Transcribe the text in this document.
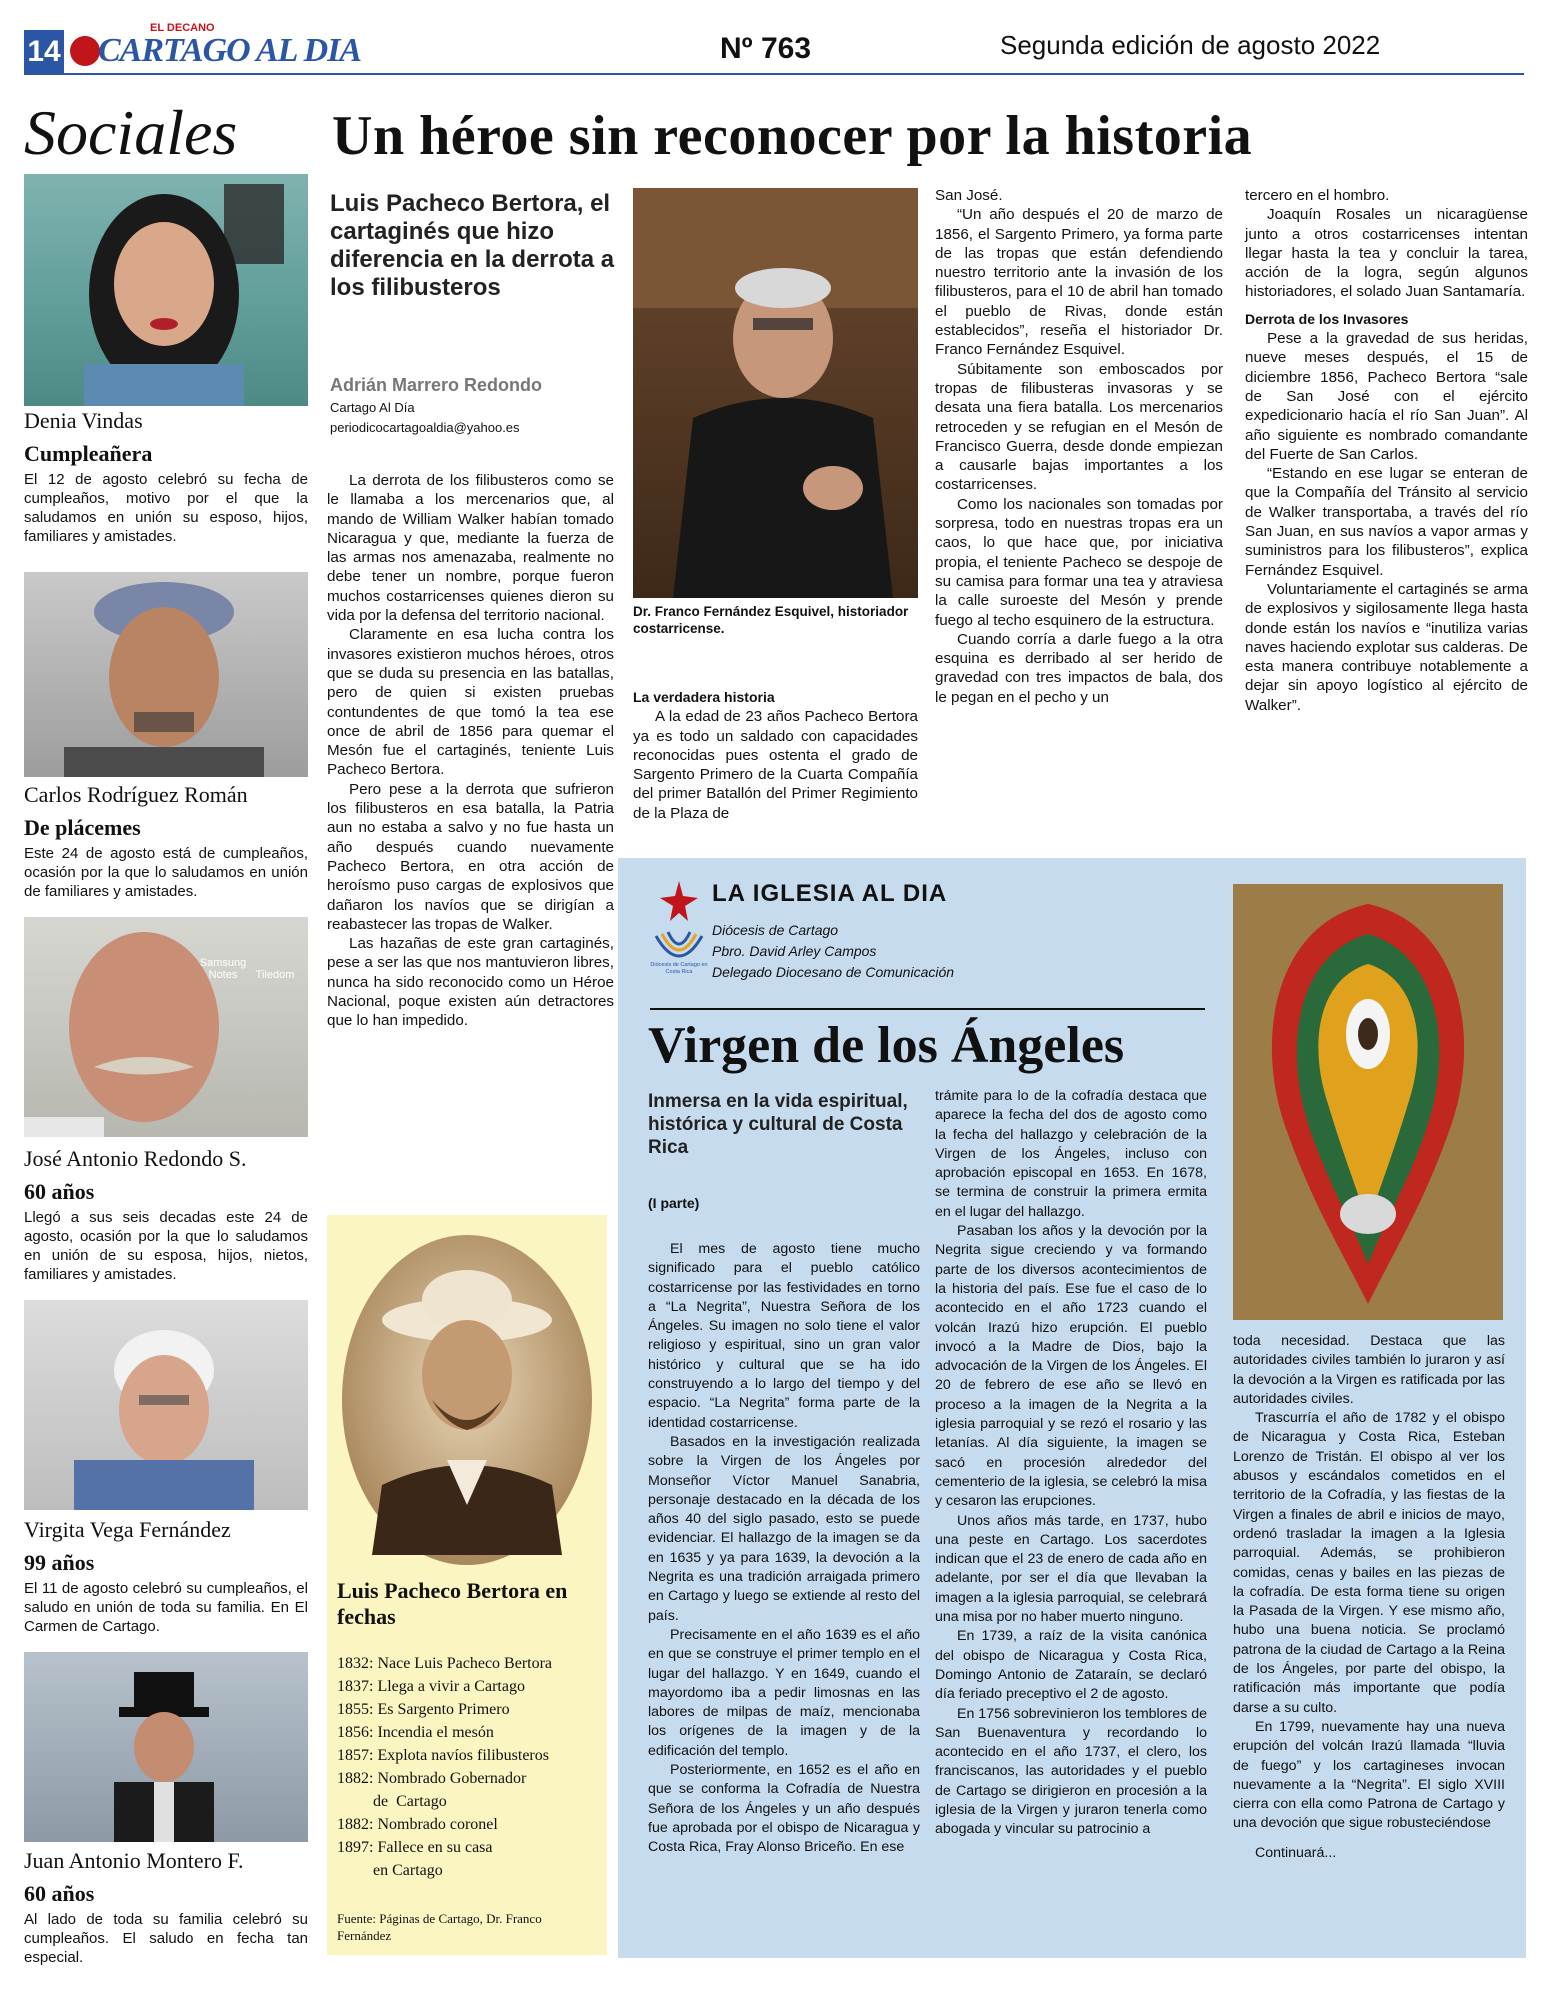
14
EL DECANO
CARTAGO AL DIA	Nº 763	Segunda edición de agosto 2022
Sociales
Denia Vindas
Cumpleañera
El 12 de agosto celebró su fecha de cumpleaños, motivo por el que la saludamos en unión su esposo, hijos, familiares y amistades.
Carlos Rodríguez Román
De plácemes
Este 24 de agosto está de cumpleaños, ocasión por la que lo saludamos en unión de familiares y amistades.
Samsung Notes Tiledom
José Antonio Redondo S.
60 años
Llegó a sus seis decadas este 24 de agosto, ocasión por la que lo saludamos en unión de su esposa, hijos, nietos, familiares y amistades.
Virgita Vega Fernández
99 años
El 11 de agosto celebró su cumpleaños, el saludo en unión de toda su familia. En El Carmen de Cartago.
Juan Antonio Montero F.
60 años
Al lado de toda su familia celebró su cumpleaños. El saludo en fecha tan especial.
Un héroe sin reconocer por la historia
Luis Pacheco Bertora, el cartaginés que hizo diferencia en la derrota a los filibusteros
Adrián Marrero Redondo
Cartago Al Día
periodicocartagoaldia@yahoo.es

La derrota de los filibusteros como se le llamaba a los mercenarios que, al mando de William Walker habían tomado Nicaragua y que, mediante la fuerza de las armas nos amenazaba, realmente no debe tener un nombre, porque fueron muchos costarricenses quienes dieron su vida por la defensa del territorio nacional.

Claramente en esa lucha contra los invasores existieron muchos héroes, otros que se duda su presencia en las batallas, pero de quien si existen pruebas contundentes de que tomó la tea ese once de abril de 1856 para quemar el Mesón fue el cartaginés, teniente Luis Pacheco Bertora.

Pero pese a la derrota que sufrieron los filibusteros en esa batalla, la Patria aun no estaba a salvo y no fue hasta un año después cuando nuevamente Pacheco Bertora, en otra acción de heroísmo puso cargas de explosivos que dañaron los navíos que se dirigían a reabastecer las tropas de Walker.

Las hazañas de este gran cartaginés, pese a ser las que nos mantuvieron libres, nunca ha sido reconocido como un Héroe Nacional, poque existen aún detractores que lo han impedido.

Dr. Franco Fernández Esquivel, historiador costarricense.

La verdadera historia

A la edad de 23 años Pacheco Bertora ya es todo un saldado con capacidades reconocidas pues ostenta el grado de Sargento Primero de la Cuarta Compañía del primer Batallón del Primer Regimiento de la Plaza de

San José.

“Un año después el 20 de marzo de 1856, el Sargento Primero, ya forma parte de las tropas que están defendiendo nuestro territorio ante la invasión de los filibusteros, para el 10 de abril han tomado el pueblo de Rivas, donde están establecidos”, reseña el historiador Dr. Franco Fernández Esquivel.

Súbitamente son emboscados por tropas de filibusteras invasoras y se desata una fiera batalla. Los mercenarios retroceden y se refugian en el Mesón de Francisco Guerra, desde donde empiezan a causarle bajas importantes a los costarricenses.

Como los nacionales son tomadas por sorpresa, todo en nuestras tropas era un caos, lo que hace que, por iniciativa propia, el teniente Pacheco se despoje de su camisa para formar una tea y atraviesa la calle suroeste del Mesón y prende fuego al techo esquinero de la estructura.

Cuando corría a darle fuego a la otra esquina es derribado al ser herido de gravedad con tres impactos de bala, dos le pegan en el pecho y un

tercero en el hombro.

Joaquín Rosales un nicaragüense junto a otros costarricenses intentan llegar hasta la tea y concluir la tarea, acción de la logra, según algunos historiadores, el solado Juan Santamaría.

Derrota de los Invasores

Pese a la gravedad de sus heridas, nueve meses después, el 15 de diciembre 1856, Pacheco Bertora “sale de San José con el ejército expedicionario hacía el río San Juan”. Al año siguiente es nombrado comandante del Fuerte de San Carlos.

“Estando en ese lugar se enteran de que la Compañía del Tránsito al servicio de Walker transportaba, a través del río San Juan, en sus navíos a vapor armas y suministros para los filibusteros”, explica Fernández Esquivel.

Voluntariamente el cartaginés se arma de explosivos y sigilosamente llega hasta donde están los navíos e “inutiliza varias naves haciendo explotar sus calderas. De esta manera contribuye notablemente a dejar sin apoyo logístico al ejército de Walker”.

Luis Pacheco Bertora en fechas
1832: Nace Luis Pacheco Bertora
1837: Llega a vivir a Cartago
1855: Es Sargento Primero
1856: Incendia el mesón
1857: Explota navíos filibusteros
1882: Nombrado Gobernador
de  Cartago
1882: Nombrado coronel
1897: Fallece en su casa
en Cartago
Fuente: Páginas de Cartago, Dr. Franco Fernández
Diócesis de Cartago en Costa Rica
LA IGLESIA AL DIA
Diócesis de Cartago
Pbro. David Arley Campos
Delegado Diocesano de Comunicación
Virgen de los Ángeles
Inmersa en la vida espiritual, histórica y cultural de Costa Rica
(I parte)

El mes de agosto tiene mucho significado para el pueblo católico costarricense por las festividades en torno a “La Negrita”, Nuestra Señora de los Ángeles. Su imagen no solo tiene el valor religioso y espiritual, sino un gran valor histórico y cultural que se ha ido construyendo a lo largo del tiempo y del espacio. “La Negrita” forma parte de la identidad costarricense.

Basados en la investigación realizada sobre la Virgen de los Ángeles por Monseñor Víctor Manuel Sanabria, personaje destacado en la década de los años 40 del siglo pasado, esto se puede evidenciar. El hallazgo de la imagen se da en 1635 y ya para 1639, la devoción a la Negrita es una tradición arraigada primero en Cartago y luego se extiende al resto del país.

Precisamente en el año 1639 es el año en que se construye el primer templo en el lugar del hallazgo. Y en 1649, cuando el mayordomo iba a pedir limosnas en las labores de milpas de maíz, mencionaba los orígenes de la imagen y de la edificación del templo.

Posteriormente, en 1652 es el año en que se conforma la Cofradía de Nuestra Señora de los Ángeles y un año después fue aprobada por el obispo de Nicaragua y Costa Rica, Fray Alonso Briceño. En ese

trámite para lo de la cofradía destaca que aparece la fecha del dos de agosto como la fecha del hallazgo y celebración de la Virgen de los Ángeles, incluso con aprobación episcopal en 1653. En 1678, se termina de construir la primera ermita en el lugar del hallazgo.

Pasaban los años y la devoción por la Negrita sigue creciendo y va formando parte de los diversos acontecimientos de la historia del país. Ese fue el caso de lo acontecido en el año 1723 cuando el volcán Irazú hizo erupción. El pueblo invocó a la Madre de Dios, bajo la advocación de la Virgen de los Ángeles. El 20 de febrero de ese año se llevó en proceso a la imagen de la Negrita a la iglesia parroquial y se rezó el rosario y las letanías. Al día siguiente, la imagen se sacó en procesión alrededor del cementerio de la iglesia, se celebró la misa y cesaron las erupciones.

Unos años más tarde, en 1737, hubo una peste en Cartago. Los sacerdotes indican que el 23 de enero de cada año en adelante, por ser el día que llevaban la imagen a la iglesia parroquial, se celebrará una misa por no haber muerto ninguno.

En 1739, a raíz de la visita canónica del obispo de Nicaragua y Costa Rica, Domingo Antonio de Zataraín, se declaró día feriado preceptivo el 2 de agosto.

En 1756 sobrevinieron los temblores de San Buenaventura y recordando lo acontecido en el año 1737, el clero, los franciscanos, las autoridades y el pueblo de Cartago se dirigieron en procesión a la iglesia de la Virgen y juraron tenerla como abogada y vincular su patrocinio a

toda necesidad. Destaca que las autoridades civiles también lo juraron y así la devoción a la Virgen es ratificada por las autoridades civiles.

Trascurría el año de 1782 y el obispo de Nicaragua y Costa Rica, Esteban Lorenzo de Tristán. El obispo al ver los abusos y escándalos cometidos en el territorio de la Cofradía, y las fiestas de la Virgen a finales de abril e inicios de mayo, ordenó trasladar la imagen a la Iglesia parroquial. Además, se prohibieron comidas, cenas y bailes en las piezas de la cofradía. De esta forma tiene su origen la Pasada de la Virgen. Y ese mismo año, hubo una buena noticia. Se proclamó patrona de la ciudad de Cartago a la Reina de los Ángeles, por parte del obispo, la ratificación más importante que podía darse a su culto.

En 1799, nuevamente hay una nueva erupción del volcán Irazú llamada “lluvia de fuego” y los cartagineses invocan nuevamente a la “Negrita”. El siglo XVIII cierra con ella como Patrona de Cartago y una devoción que sigue robusteciéndose

Continuará...
